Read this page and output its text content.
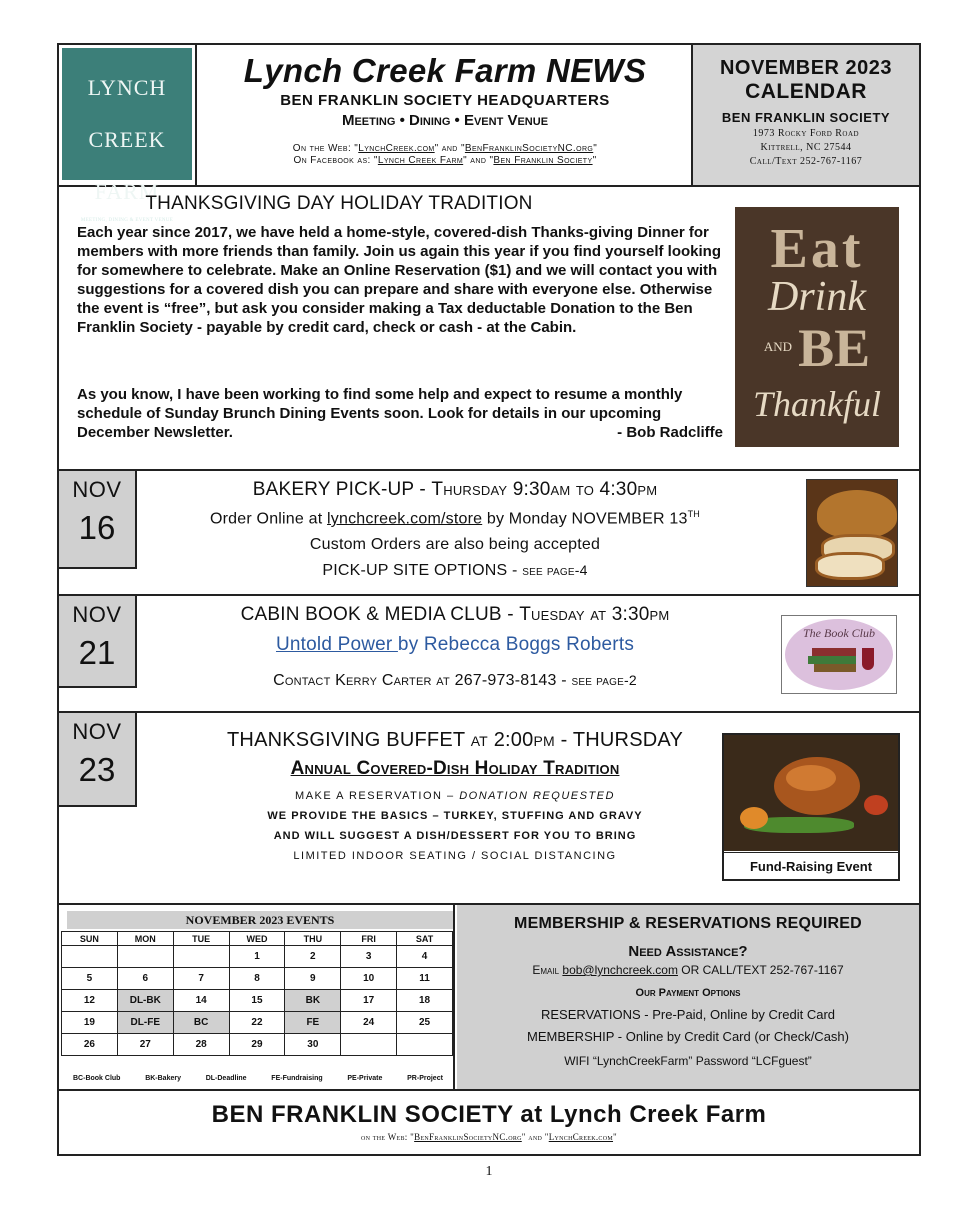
LYNCH
CREEK
FARM
MEETING, DINING & EVENT VENUE
Lynch Creek Farm NEWS
BEN FRANKLIN SOCIETY HEADQUARTERS
Meeting • Dining • Event Venue
On the Web: "LynchCreek.com" and "BenFranklinSocietyNC.org"
On Facebook as: "Lynch Creek Farm" and "Ben Franklin Society"
NOVEMBER 2023
CALENDAR
BEN FRANKLIN SOCIETY
1973 Rocky Ford Road
Kittrell, NC 27544
Call/Text 252-767-1167
THANKSGIVING DAY HOLIDAY TRADITION
Each year since 2017, we have held a home-style, covered-dish Thanks-giving Dinner for members with more friends than family. Join us again this year if you find yourself looking for somewhere to celebrate. Make an Online Reservation ($1) and we will contact you with suggestions for a covered dish you can prepare and share with everyone else. Otherwise the event is “free”, but ask you consider making a Tax deductable Donation to the Ben Franklin Society - payable by credit card, check or cash - at the Cabin.
As you know, I have been working to find some help and expect to resume a monthly schedule of Sunday Brunch Dining Events soon. Look for details in our upcoming December Newsletter.	- Bob Radcliffe
Eat
Drink
AND BE
Thankful
NOV
16
BAKERY PICK-UP - Thursday 9:30am to 4:30pm
Order Online at lynchcreek.com/store by Monday NOVEMBER 13TH
Custom Orders are also being accepted
PICK-UP SITE OPTIONS - see page-4
NOV
21
CABIN BOOK & MEDIA CLUB - Tuesday at 3:30pm
Untold Power by Rebecca Boggs Roberts
Contact Kerry Carter at 267-973-8143 - see page-2
The Book Club
NOV
23
THANKSGIVING BUFFET at 2:00pm - THURSDAY
Annual Covered-Dish Holiday Tradition
MAKE A RESERVATION – DONATION REQUESTED
WE PROVIDE THE BASICS – TURKEY, STUFFING AND GRAVY
AND WILL SUGGEST A DISH/DESSERT FOR YOU TO BRING
LIMITED INDOOR SEATING / SOCIAL DISTANCING
Fund-Raising Event
NOVEMBER 2023 EVENTS
SUN	MON	TUE	WED	THU	FRI	SAT
			1	2	3	4
5	6	7	8	9	10	11
12	DL-BK	14	15	BK	17	18
19	DL-FE	BC	22	FE	24	25
26	27	28	29	30		
BC-Book Club	BK-Bakery	DL-Deadline	FE-Fundraising	PE-Private	PR-Project
MEMBERSHIP & RESERVATIONS REQUIRED
Need Assistance?
Email bob@lynchcreek.com OR CALL/TEXT 252-767-1167
Our Payment Options
RESERVATIONS - Pre-Paid, Online by Credit Card
MEMBERSHIP - Online by Credit Card (or Check/Cash)
WIFI “LynchCreekFarm” Password “LCFguest”
BEN FRANKLIN SOCIETY at Lynch Creek Farm
on the Web: "BenFranklinSocietyNC.org" and "LynchCreek.com"
1
